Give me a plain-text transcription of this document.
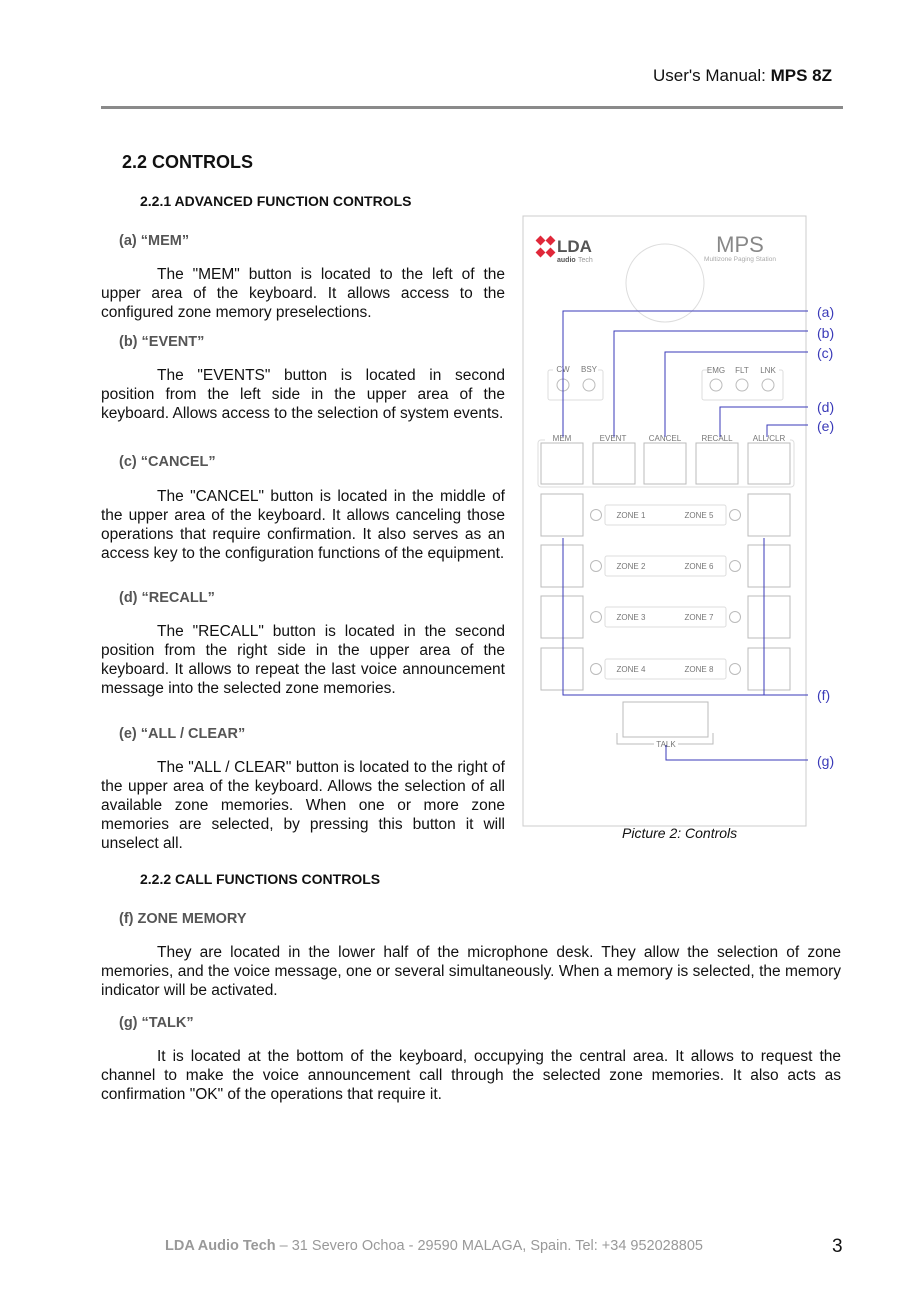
User's Manual: MPS 8Z
2.2 CONTROLS
2.2.1 ADVANCED FUNCTION CONTROLS
(a) “MEM”
The "MEM" button is located to the left of the upper area of the keyboard. It allows access to the configured zone memory preselections.
(b) “EVENT”
The "EVENTS" button is located in second position from the left side in the upper area of the keyboard. Allows access to the selection of system events.
(c) “CANCEL”
The "CANCEL" button is located in the middle of the upper area of the keyboard. It allows canceling those operations that require confirmation. It also serves as an access key to the configuration functions of the equipment.
(d) “RECALL”
The "RECALL" button is located in the second position from the right side in the upper area of the keyboard. It allows to repeat the last voice announcement message into the selected zone memories.
(e) “ALL / CLEAR”
The "ALL / CLEAR" button is located to the right of the upper area of the keyboard. Allows the selection of all available zone memories. When one or more zone memories are selected, by pressing this button it will unselect all.
2.2.2 CALL FUNCTIONS CONTROLS
(f) ZONE MEMORY
They are located in the lower half of the microphone desk. They allow the selection of zone memories, and the voice message, one or several simultaneously. When a memory is selected, the memory indicator will be activated.
(g) “TALK”
It is located at the bottom of the keyboard, occupying the central area. It allows to request the channel to make the voice announcement call through the selected zone memories. It also acts as confirmation "OK" of the operations that require it.
LDA
audio Tech
MPS
Multizone Paging Station
CW BSY	EMG FLT LNK
MEM	EVENT	CANCEL	RECALL	ALL/CLR
ZONE 1
ZONE 2
ZONE 3
ZONE 4
ZONE 5
ZONE 6
ZONE 7
ZONE 8
TALK
(a)
(b)
(c)
(d)
(e)
(f)
(g)
Picture 2: Controls
LDA Audio Tech – 31 Severo Ochoa - 29590 MALAGA, Spain. Tel: +34 952028805	3
